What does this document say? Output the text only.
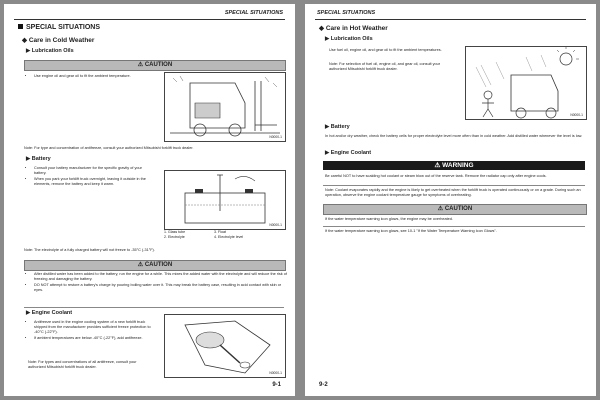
SPECIAL SITUATIONS
SPECIAL SITUATIONS
◆ Care in Cold Weather
▶ Lubrication Oils
⚠ CAUTION
• Use engine oil and gear oil to fit the ambient temperature.
N0000-1
Note: For type and concentration of antifreeze, consult your authorized Mitsubishi forklift truck dealer.
▶ Battery
• Consult your battery manufacturer for the specific gravity of your battery.
• When you park your forklift truck overnight, leaving it outside in the elements, remove the battery and keep it warm.
N0000-1
1. Glass tube
2. Electrolyte
3. Float
4. Electrolyte level
Note: The electrolyte of a fully charged battery will not freeze to -35°C (-31°F).
⚠ CAUTION
• After distilled water has been added to the battery, run the engine for a while. This mixes the added water with the electrolyte and will reduce the risk of freezing and damaging the battery.
• DO NOT attempt to restore a battery's charge by pouring boiling water over it. This may break the battery case, resulting in acid contact with skin or eyes.
▶ Engine Coolant
• Antifreeze used in the engine cooling system of a new forklift truck shipped from the manufacturer provides sufficient freeze protection to -40°C (-22°F).
• If ambient temperatures are below -40°C (-22°F), add antifreeze.
Note: For types and concentrations of all antifreeze, consult your authorized Mitsubishi forklift truck dealer.
N0000-1
9-1
SPECIAL SITUATIONS
◆ Care in Hot Weather
▶ Lubrication Oils
Use fuel oil, engine oil, and gear oil to fit the ambient temperatures.
Note: For selection of fuel oil, engine oil, and gear oil, consult your authorized Mitsubishi forklift truck dealer.
N0000-1
▶ Battery
In hot and/or dry weather, check the battery cells for proper electrolyte level more often than in cold weather. Add distilled water whenever the level is low.
▶ Engine Coolant
⚠ WARNING
Be careful NOT to have scalding hot coolant or steam blow out of the reserve tank. Remove the radiator cap only after engine cools.
Note: Coolant evaporates rapidly and the engine is likely to get overheated when the forklift truck is operated continuously or on a grade. During such an operation, observe the engine coolant temperature gauge for symptoms of overheating.
⚠ CAUTION
If the water temperature warning icon glows, the engine may be overheated.
If the water temperature warning icon glows, see 10-1 "If the Water Temperature Warning Icon Glows".
9-2
